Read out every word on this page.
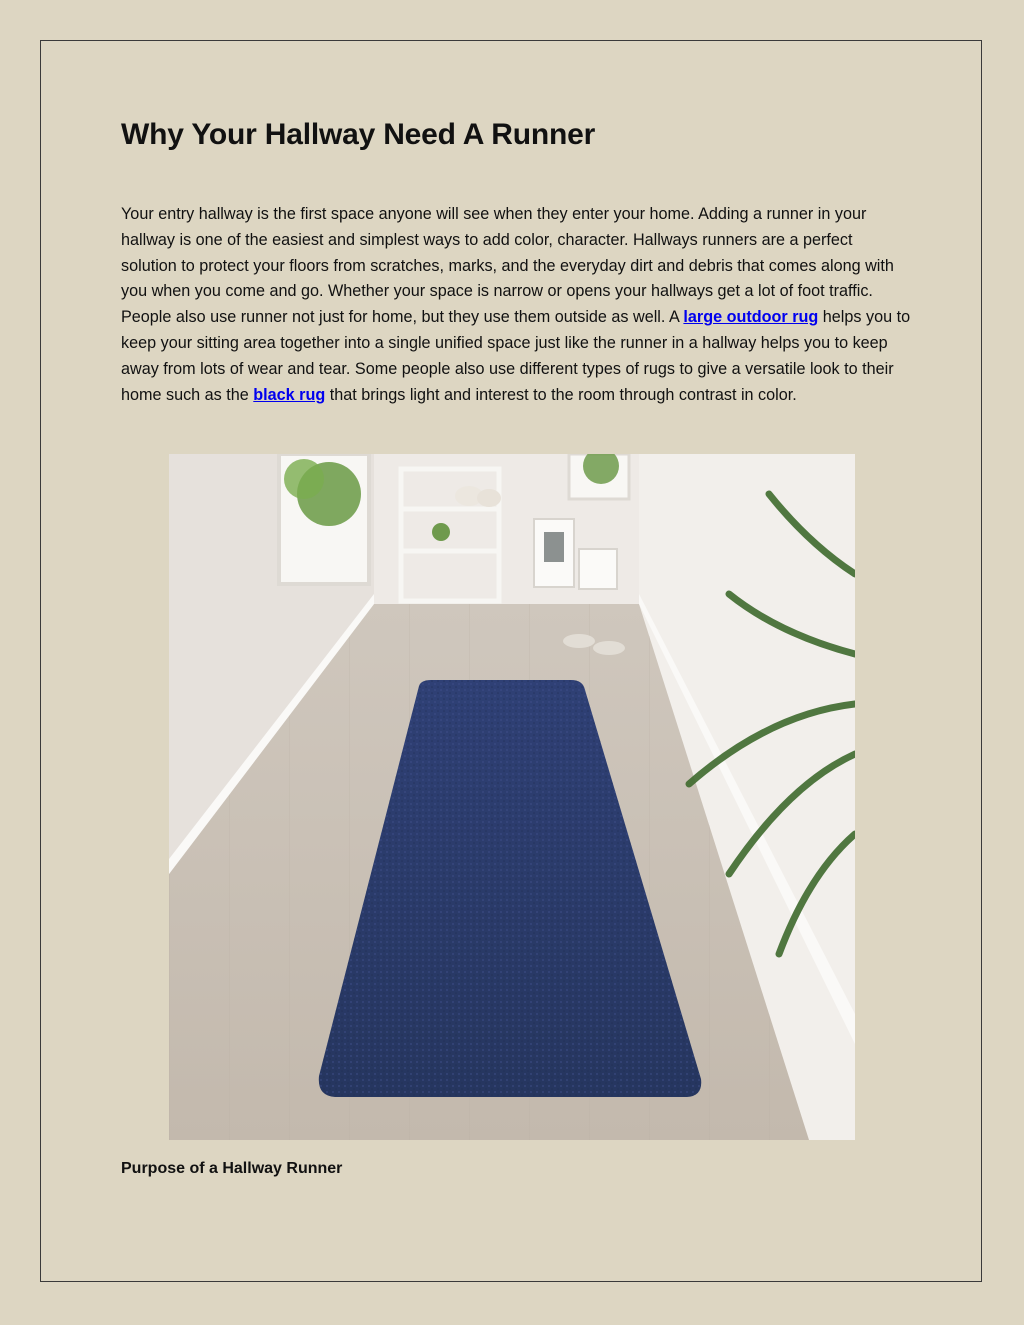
Why Your Hallway Need A Runner

Your entry hallway is the first space anyone will see when they enter your home. Adding a runner in your hallway is one of the easiest and simplest ways to add color, character. Hallways runners are a perfect solution to protect your floors from scratches, marks, and the everyday dirt and debris that comes along with you when you come and go. Whether your space is narrow or opens your hallways get a lot of foot traffic. People also use runner not just for home, but they use them outside as well. A large outdoor rug helps you to keep your sitting area together into a single unified space just like the runner in a hallway helps you to keep away from lots of wear and tear. Some people also use different types of rugs to give a versatile look to their home such as the black rug that brings light and interest to the room through contrast in color.

Purpose of a Hallway Runner
